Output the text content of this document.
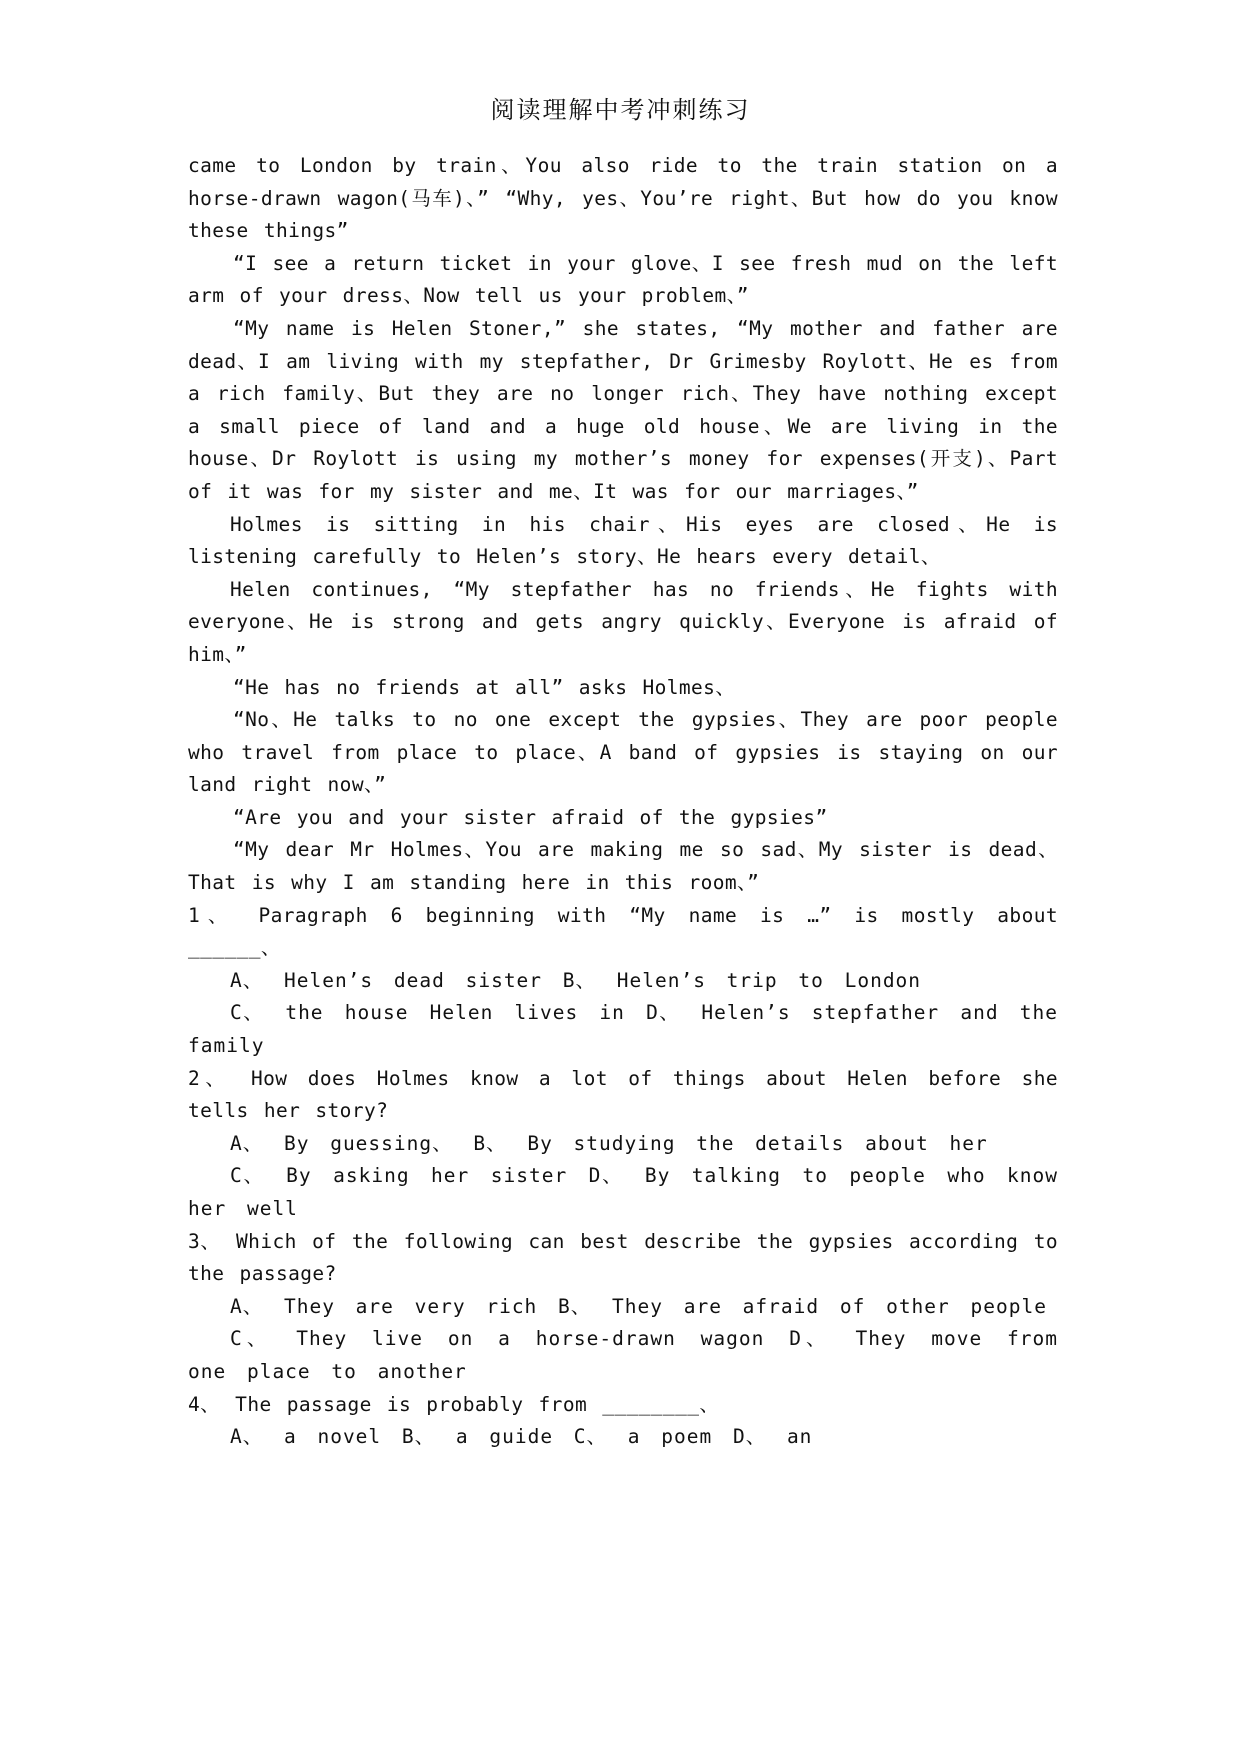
阅读理解中考冲刺练习
came to London by train、You also ride to the train station on a horse-drawn wagon(马车)、” “Why, yes、You’re right、But how do you know these things”
“I see a return ticket in your glove、I see fresh mud on the left arm of your dress、Now tell us your problem、”
“My name is Helen Stoner,” she states, “My mother and father are dead、I am living with my stepfather, Dr Grimesby Roylott、He es from a rich family、But they are no longer rich、They have nothing except a small piece of land and a huge old house、We are living in the house、Dr Roylott is using my mother’s money for expenses(开支)、Part of it was for my sister and me、It was for our marriages、”
Holmes is sitting in his chair、His eyes are closed、He is listening carefully to Helen’s story、He hears every detail、
Helen continues, “My stepfather has no friends、He fights with everyone、He is strong and gets angry quickly、Everyone is afraid of him、”
“He has no friends at all” asks Holmes、
“No、He talks to no one except the gypsies、They are poor people who travel from place to place、A band of gypsies is staying on our land right now、”
“Are you and your sister afraid of the gypsies”
“My dear Mr Holmes、You are making me so sad、My sister is dead、That is why I am standing here in this room、”
1、 Paragraph 6 beginning with “My name is …” is mostly about ______、
A、 Helen’s dead sister B、 Helen’s trip to London
C、 the house Helen lives in D、 Helen’s stepfather and the family
2、 How does Holmes know a lot of things about Helen before she tells her story?
A、 By guessing、 B、 By studying the details about her
C、 By asking her sister D、 By talking to people who know her well
3、 Which of the following can best describe the gypsies according to the passage?
A、 They are very rich B、 They are afraid of other people
C、 They live on a horse-drawn wagon D、 They move from one place to another
4、 The passage is probably from ________、
A、 a novel B、 a guide C、 a poem D、 an
